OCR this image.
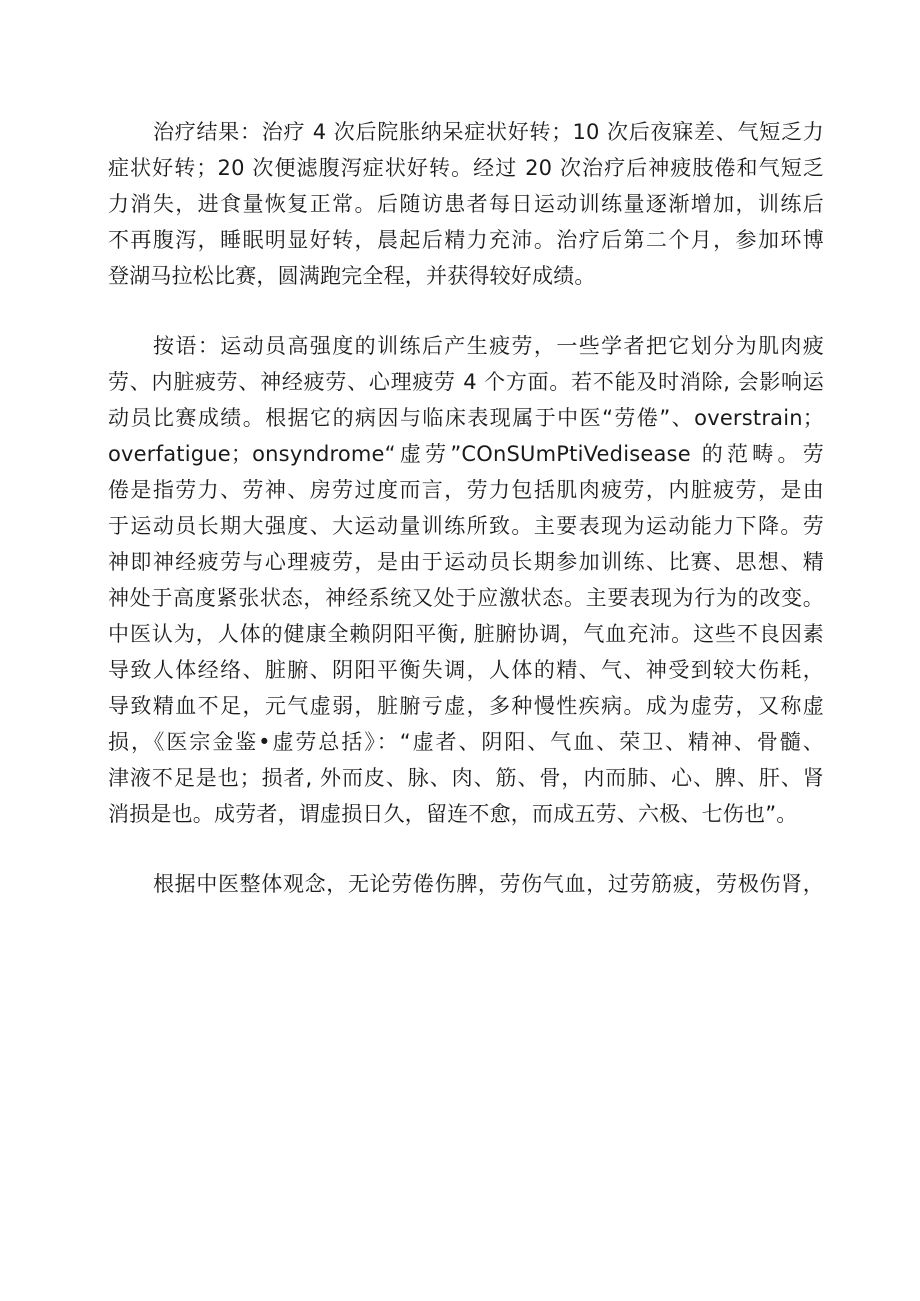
治疗结果：治疗 4 次后院胀纳呆症状好转；10 次后夜寐差、气短乏力
症状好转；20 次便滤腹泻症状好转。经过 20 次治疗后神疲肢倦和气短乏
力消失，进食量恢复正常。后随访患者每日运动训练量逐渐增加，训练后
不再腹泻，睡眠明显好转，晨起后精力充沛。治疗后第二个月，参加环博
登湖马拉松比赛，圆满跑完全程，并获得较好成绩。

按语：运动员高强度的训练后产生疲劳，一些学者把它划分为肌肉疲
劳、内脏疲劳、神经疲劳、心理疲劳 4 个方面。若不能及时消除, 会影响运
动员比赛成绩。根据它的病因与临床表现属于中医“劳倦”、overstrain；
overfatigue；onsyndrome“虚劳”COnSUmPtiVedisease 的范畴。劳
倦是指劳力、劳神、房劳过度而言，劳力包括肌肉疲劳，内脏疲劳，是由
于运动员长期大强度、大运动量训练所致。主要表现为运动能力下降。劳
神即神经疲劳与心理疲劳，是由于运动员长期参加训练、比赛、思想、精
神处于高度紧张状态，神经系统又处于应激状态。主要表现为行为的改变。
中医认为，人体的健康全赖阴阳平衡, 脏腑协调，气血充沛。这些不良因素
导致人体经络、脏腑、阴阳平衡失调，人体的精、气、神受到较大伤耗，
导致精血不足，元气虚弱，脏腑亏虚，多种慢性疾病。成为虚劳，又称虚
损，《医宗金鉴•虚劳总括》：“虚者、阴阳、气血、荣卫、精神、骨髓、
津液不足是也；损者, 外而皮、脉、肉、筋、骨，内而肺、心、脾、肝、肾
消损是也。成劳者，谓虚损日久，留连不愈，而成五劳、六极、七伤也”。

根据中医整体观念，无论劳倦伤脾，劳伤气血，过劳筋疲，劳极伤肾，
